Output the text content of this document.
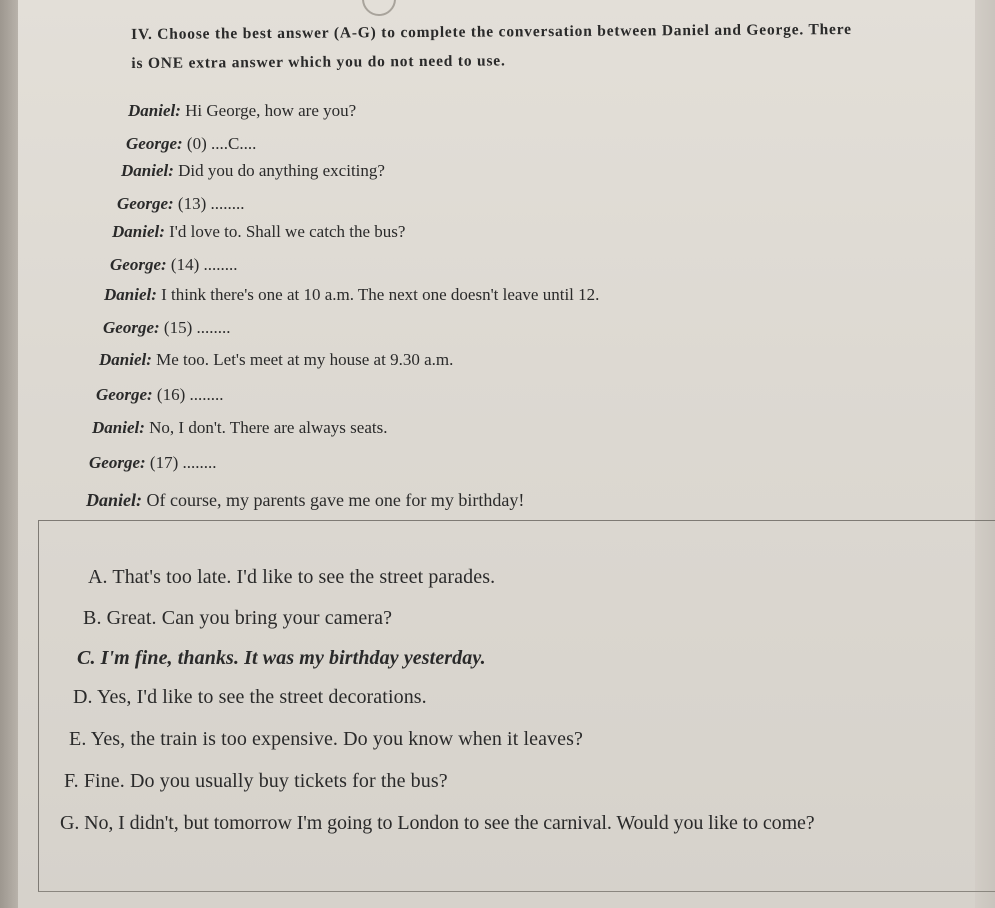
IV. Choose the best answer (A-G) to complete the conversation between Daniel and George. There
is ONE extra answer which you do not need to use.
Daniel: Hi George, how are you?
George: (0) ....C....
Daniel: Did you do anything exciting?
George: (13) ........
Daniel: I'd love to. Shall we catch the bus?
George: (14) ........
Daniel: I think there's one at 10 a.m. The next one doesn't leave until 12.
George: (15) ........
Daniel: Me too. Let's meet at my house at 9.30 a.m.
George: (16) ........
Daniel: No, I don't. There are always seats.
George: (17) ........
Daniel: Of course, my parents gave me one for my birthday!
A. That's too late. I'd like to see the street parades.
B. Great. Can you bring your camera?
C. I'm fine, thanks. It was my birthday yesterday.
D. Yes, I'd like to see the street decorations.
E. Yes, the train is too expensive. Do you know when it leaves?
F. Fine. Do you usually buy tickets for the bus?
G. No, I didn't, but tomorrow I'm going to London to see the carnival. Would you like to come?
